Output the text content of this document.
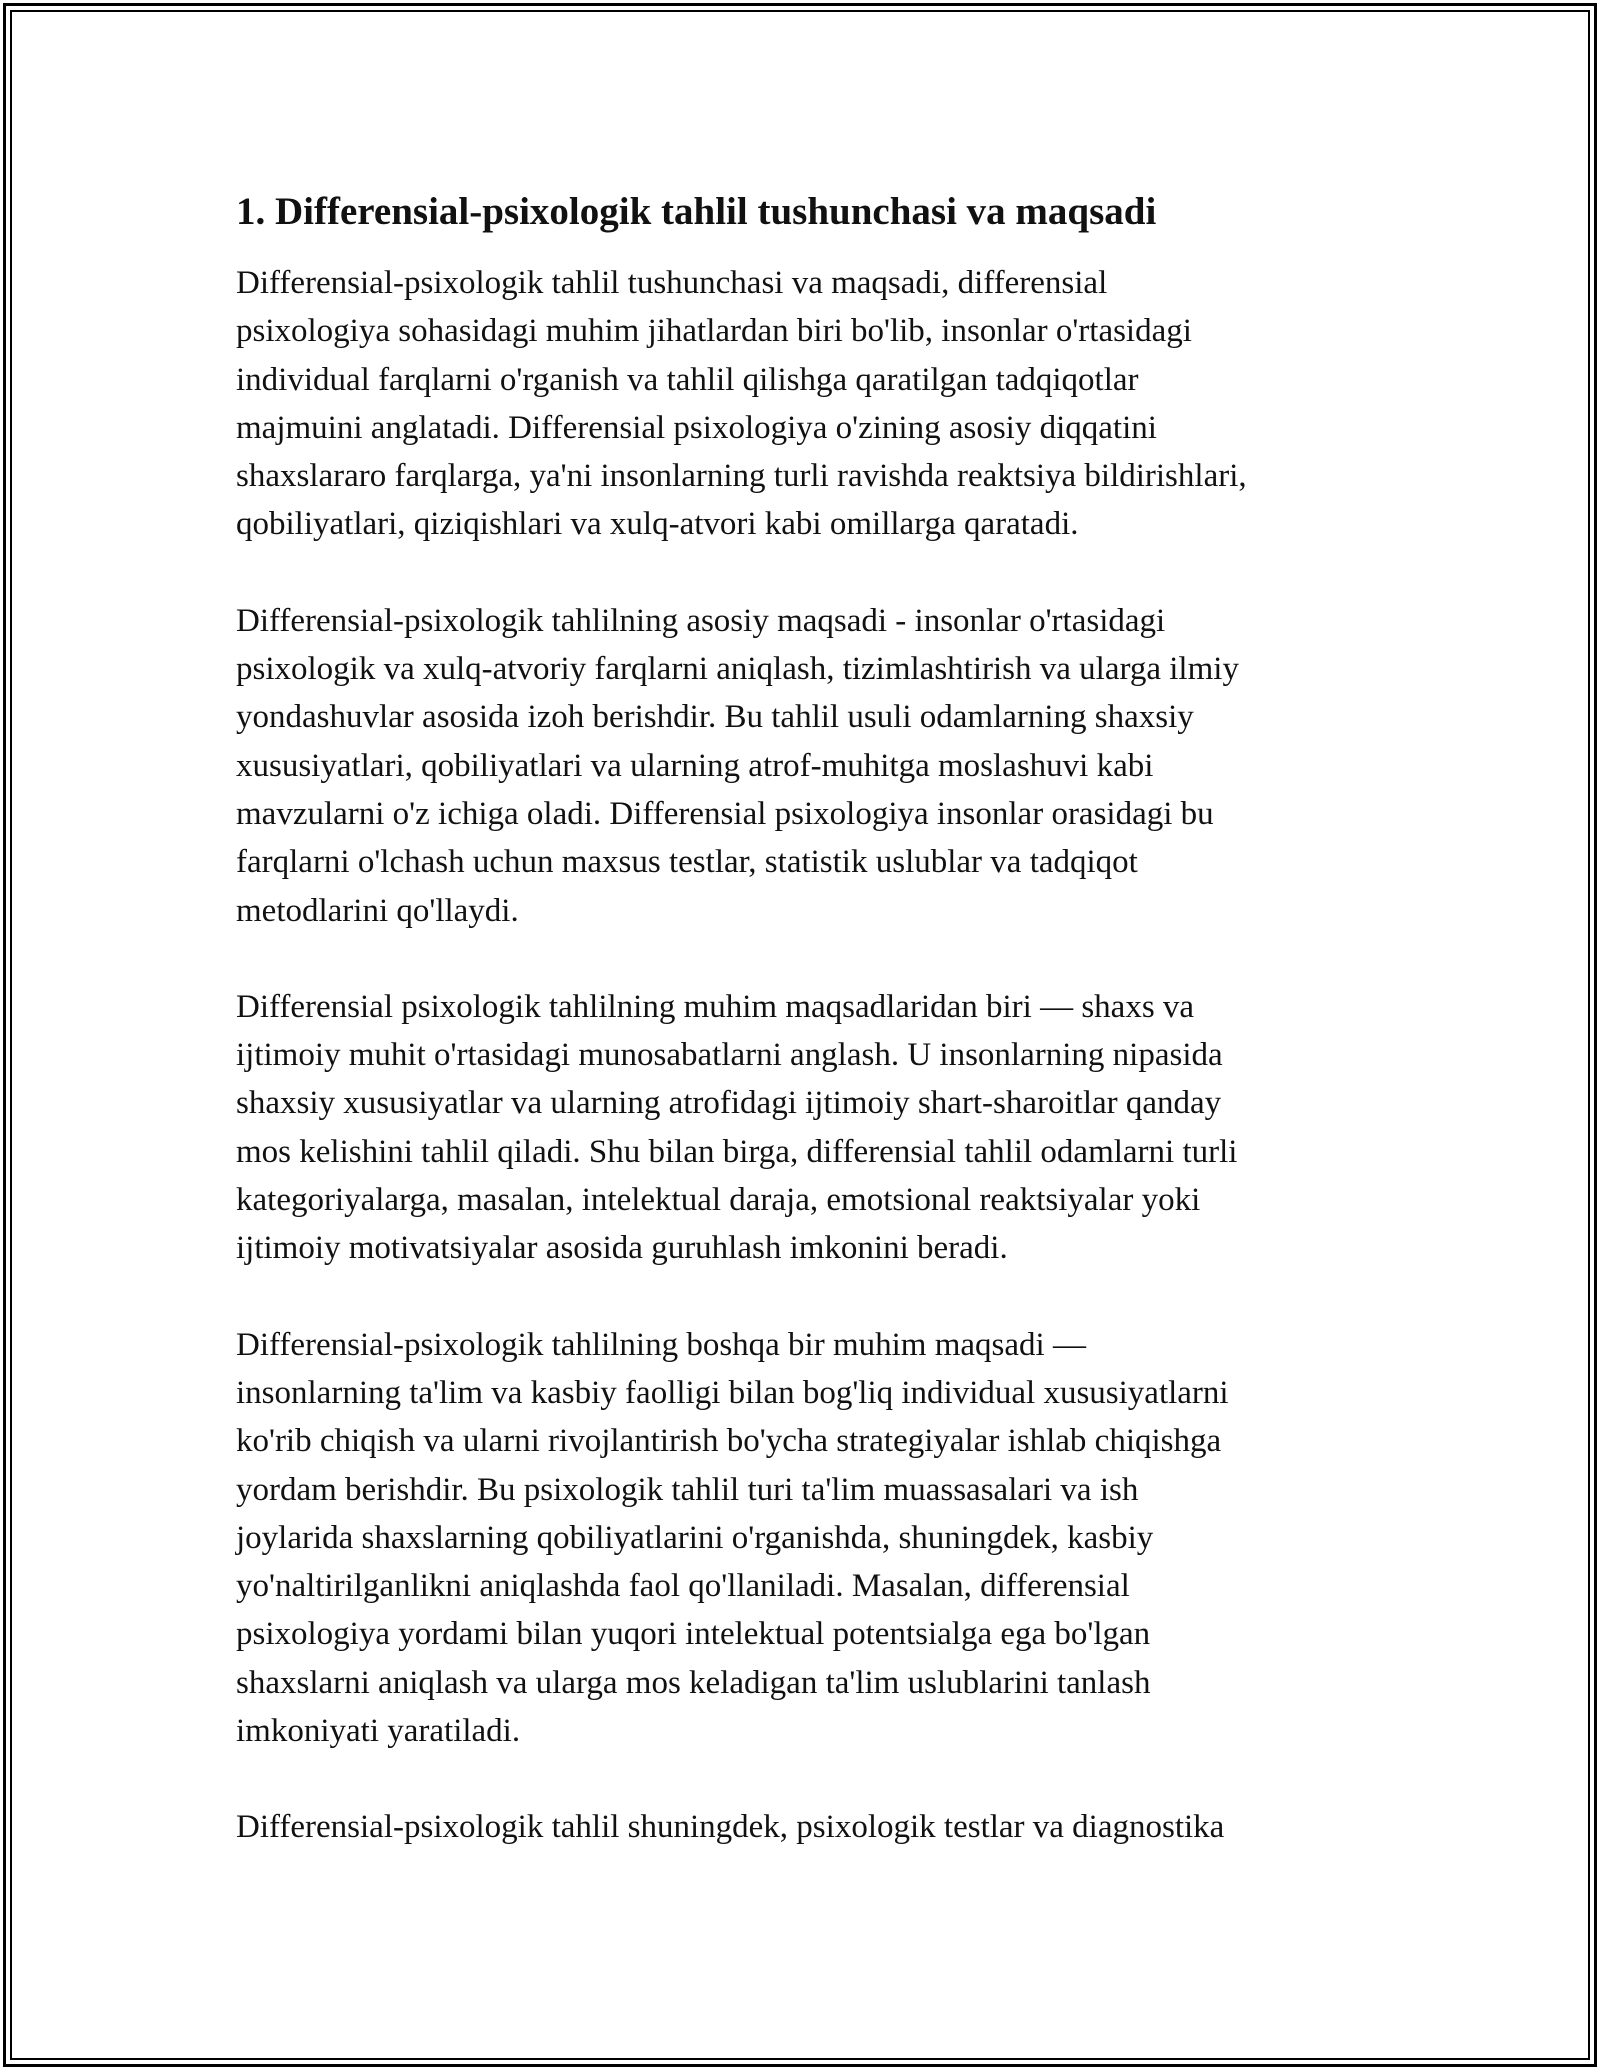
1. Differensial-psixologik tahlil tushunchasi va maqsadi

Differensial-psixologik tahlil tushunchasi va maqsadi, differensial
psixologiya sohasidagi muhim jihatlardan biri bo'lib, insonlar o'rtasidagi
individual farqlarni o'rganish va tahlil qilishga qaratilgan tadqiqotlar
majmuini anglatadi. Differensial psixologiya o'zining asosiy diqqatini
shaxslararo farqlarga, ya'ni insonlarning turli ravishda reaktsiya bildirishlari,
qobiliyatlari, qiziqishlari va xulq-atvori kabi omillarga qaratadi.

Differensial-psixologik tahlilning asosiy maqsadi - insonlar o'rtasidagi
psixologik va xulq-atvoriy farqlarni aniqlash, tizimlashtirish va ularga ilmiy
yondashuvlar asosida izoh berishdir. Bu tahlil usuli odamlarning shaxsiy
xususiyatlari, qobiliyatlari va ularning atrof-muhitga moslashuvi kabi
mavzularni o'z ichiga oladi. Differensial psixologiya insonlar orasidagi bu
farqlarni o'lchash uchun maxsus testlar, statistik uslublar va tadqiqot
metodlarini qo'llaydi.

Differensial psixologik tahlilning muhim maqsadlaridan biri — shaxs va
ijtimoiy muhit o'rtasidagi munosabatlarni anglash. U insonlarning nipasida
shaxsiy xususiyatlar va ularning atrofidagi ijtimoiy shart-sharoitlar qanday
mos kelishini tahlil qiladi. Shu bilan birga, differensial tahlil odamlarni turli
kategoriyalarga, masalan, intelektual daraja, emotsional reaktsiyalar yoki
ijtimoiy motivatsiyalar asosida guruhlash imkonini beradi.

Differensial-psixologik tahlilning boshqa bir muhim maqsadi —
insonlarning ta'lim va kasbiy faolligi bilan bog'liq individual xususiyatlarni
ko'rib chiqish va ularni rivojlantirish bo'ycha strategiyalar ishlab chiqishga
yordam berishdir. Bu psixologik tahlil turi ta'lim muassasalari va ish
joylarida shaxslarning qobiliyatlarini o'rganishda, shuningdek, kasbiy
yo'naltirilganlikni aniqlashda faol qo'llaniladi. Masalan, differensial
psixologiya yordami bilan yuqori intelektual potentsialga ega bo'lgan
shaxslarni aniqlash va ularga mos keladigan ta'lim uslublarini tanlash
imkoniyati yaratiladi.

Differensial-psixologik tahlil shuningdek, psixologik testlar va diagnostika
